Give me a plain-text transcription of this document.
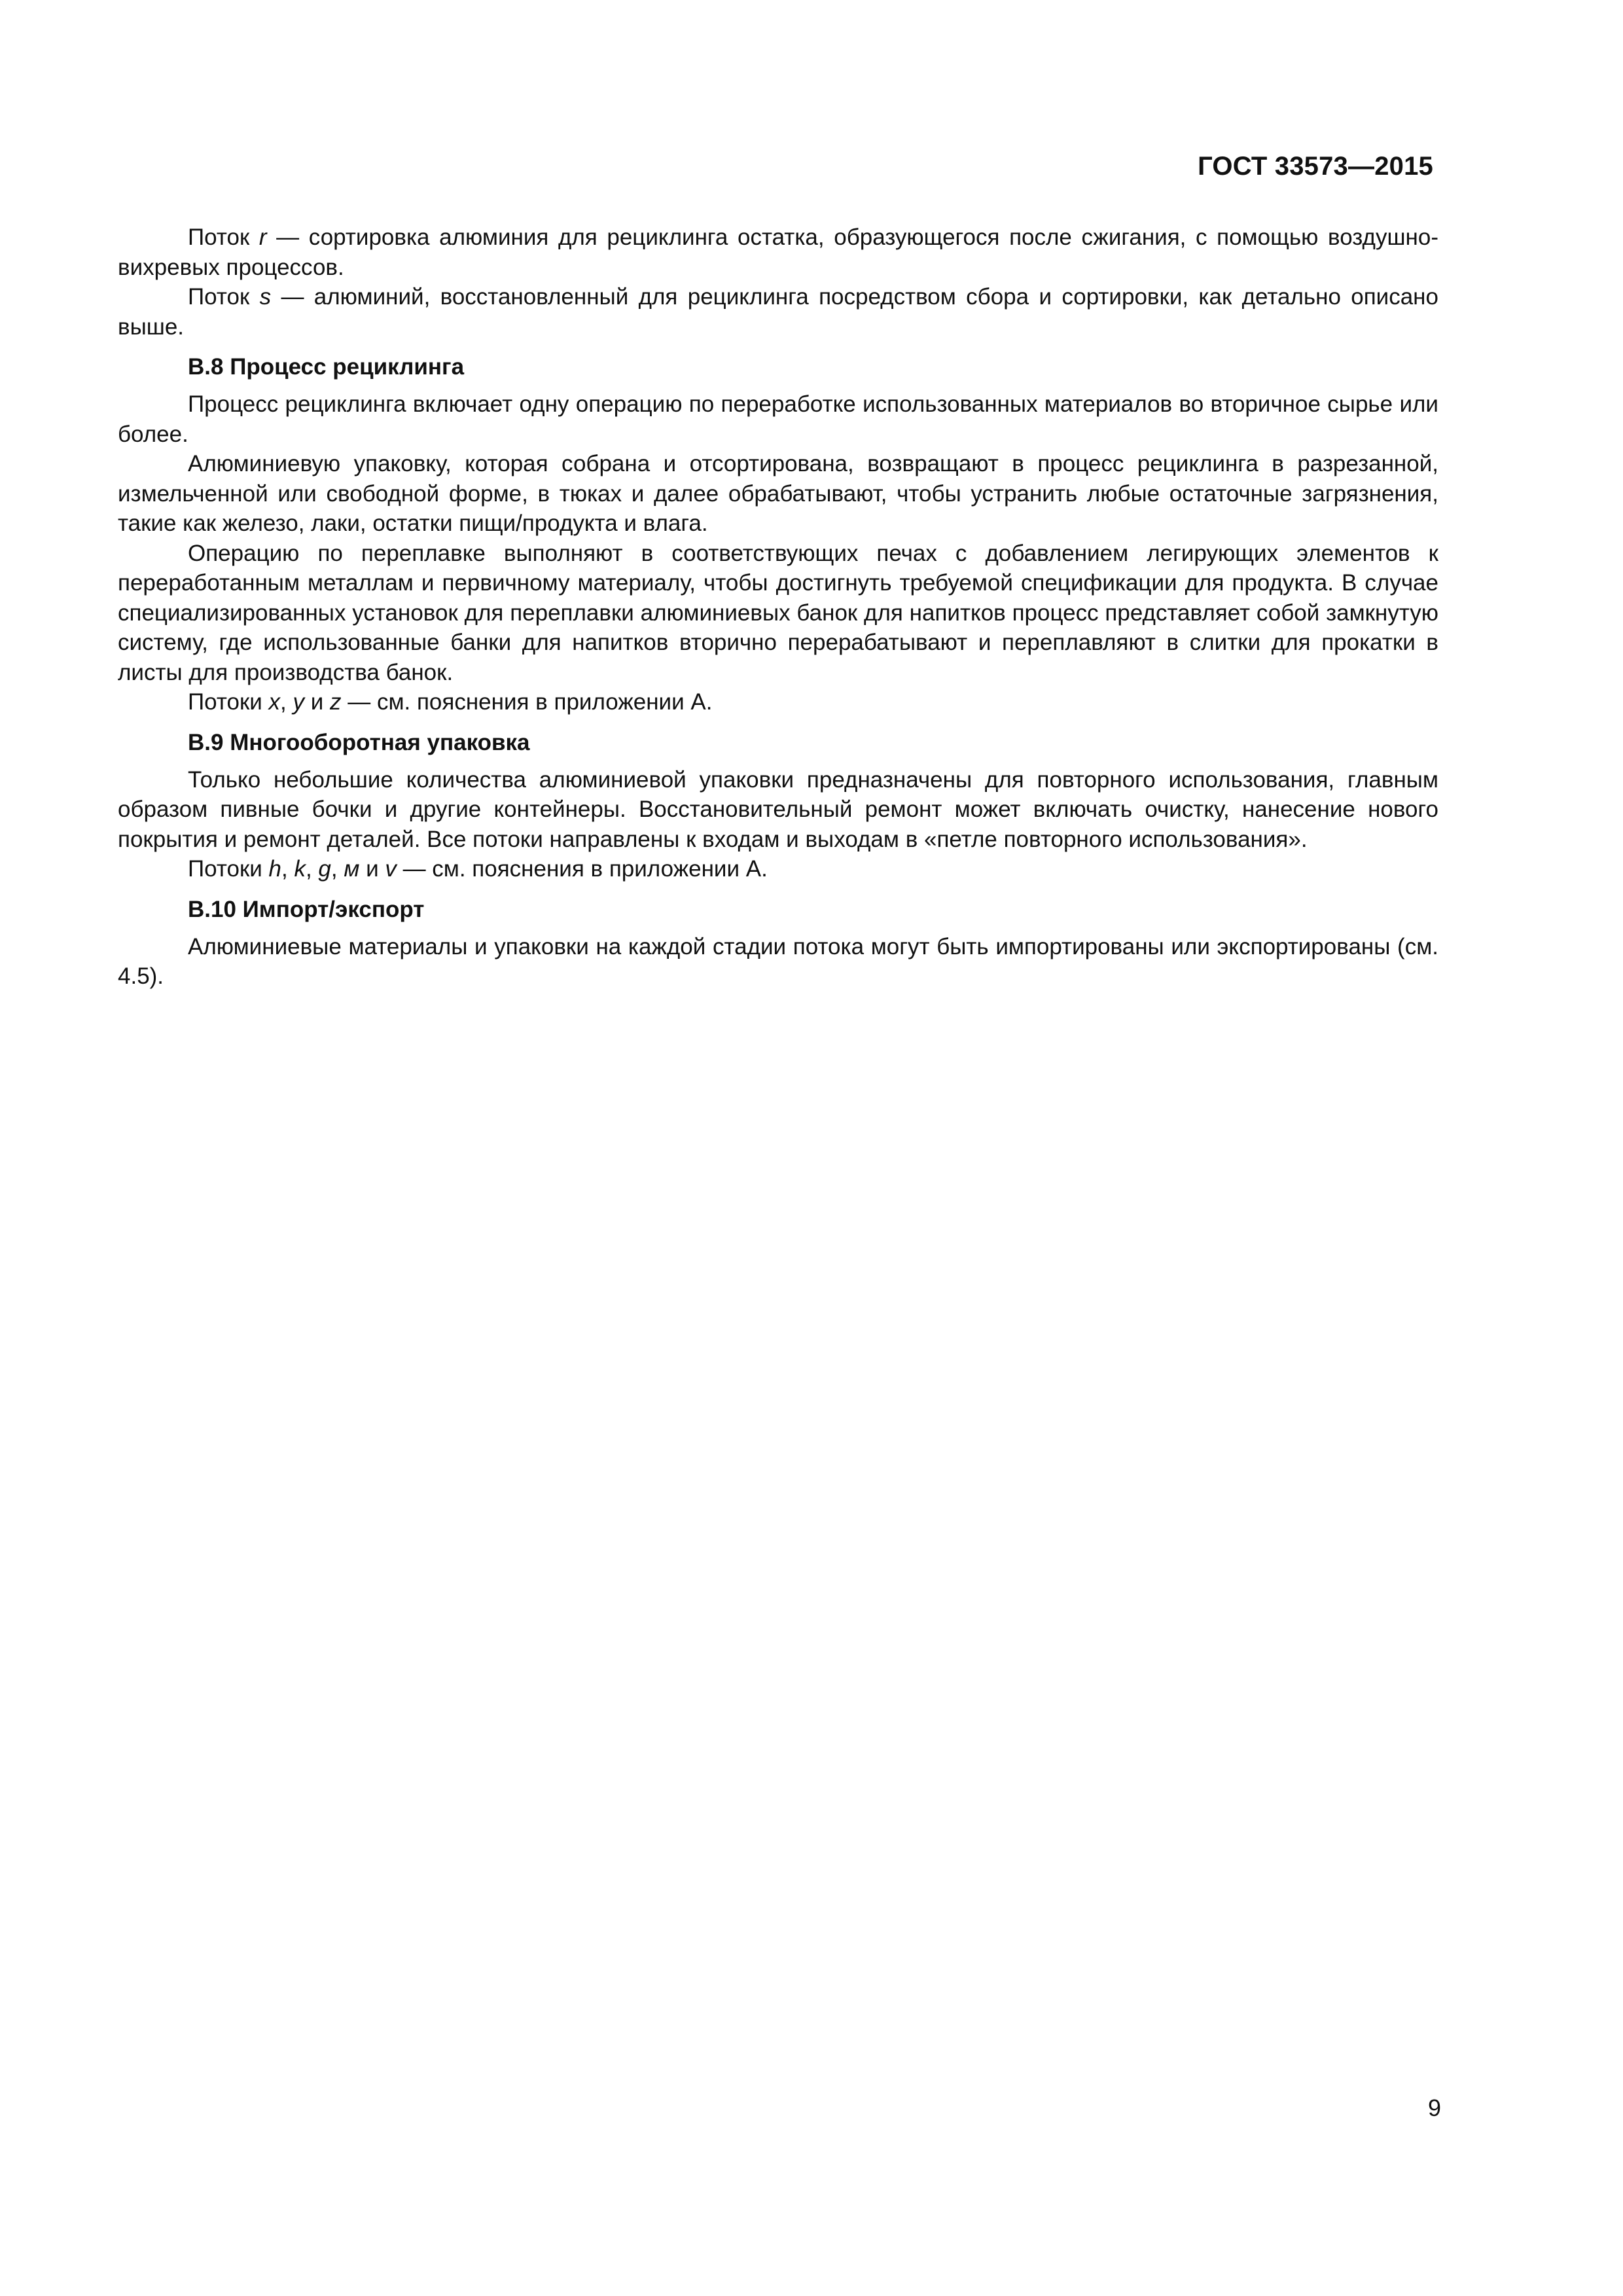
ГОСТ 33573—2015

Поток r — сортировка алюминия для рециклинга остатка, образующегося после сжигания, с помощью воздушно-вихревых процессов.

Поток s — алюминий, восстановленный для рециклинга посредством сбора и сортировки, как детально описано выше.

В.8 Процесс рециклинга

Процесс рециклинга включает одну операцию по переработке использованных материалов во вторичное сырье или более.

Алюминиевую упаковку, которая собрана и отсортирована, возвращают в процесс рециклинга в разрезанной, измельченной или свободной форме, в тюках и далее обрабатывают, чтобы устранить любые остаточные загрязнения, такие как железо, лаки, остатки пищи/продукта и влага.

Операцию по переплавке выполняют в соответствующих печах с добавлением легирующих элементов к переработанным металлам и первичному материалу, чтобы достигнуть требуемой спецификации для продукта. В случае специализированных установок для переплавки алюминиевых банок для напитков процесс представляет собой замкнутую систему, где использованные банки для напитков вторично перерабатывают и переплавляют в слитки для прокатки в листы для производства банок.

Потоки x, y и z — см. пояснения в приложении А.

В.9 Многооборотная упаковка

Только небольшие количества алюминиевой упаковки предназначены для повторного использования, главным образом пивные бочки и другие контейнеры. Восстановительный ремонт может включать очистку, нанесение нового покрытия и ремонт деталей. Все потоки направлены к входам и выходам в «петле повторного использования».

Потоки h, k, g, м и v — см. пояснения в приложении А.

В.10 Импорт/экспорт

Алюминиевые материалы и упаковки на каждой стадии потока могут быть импортированы или экспортированы (см. 4.5).

9
